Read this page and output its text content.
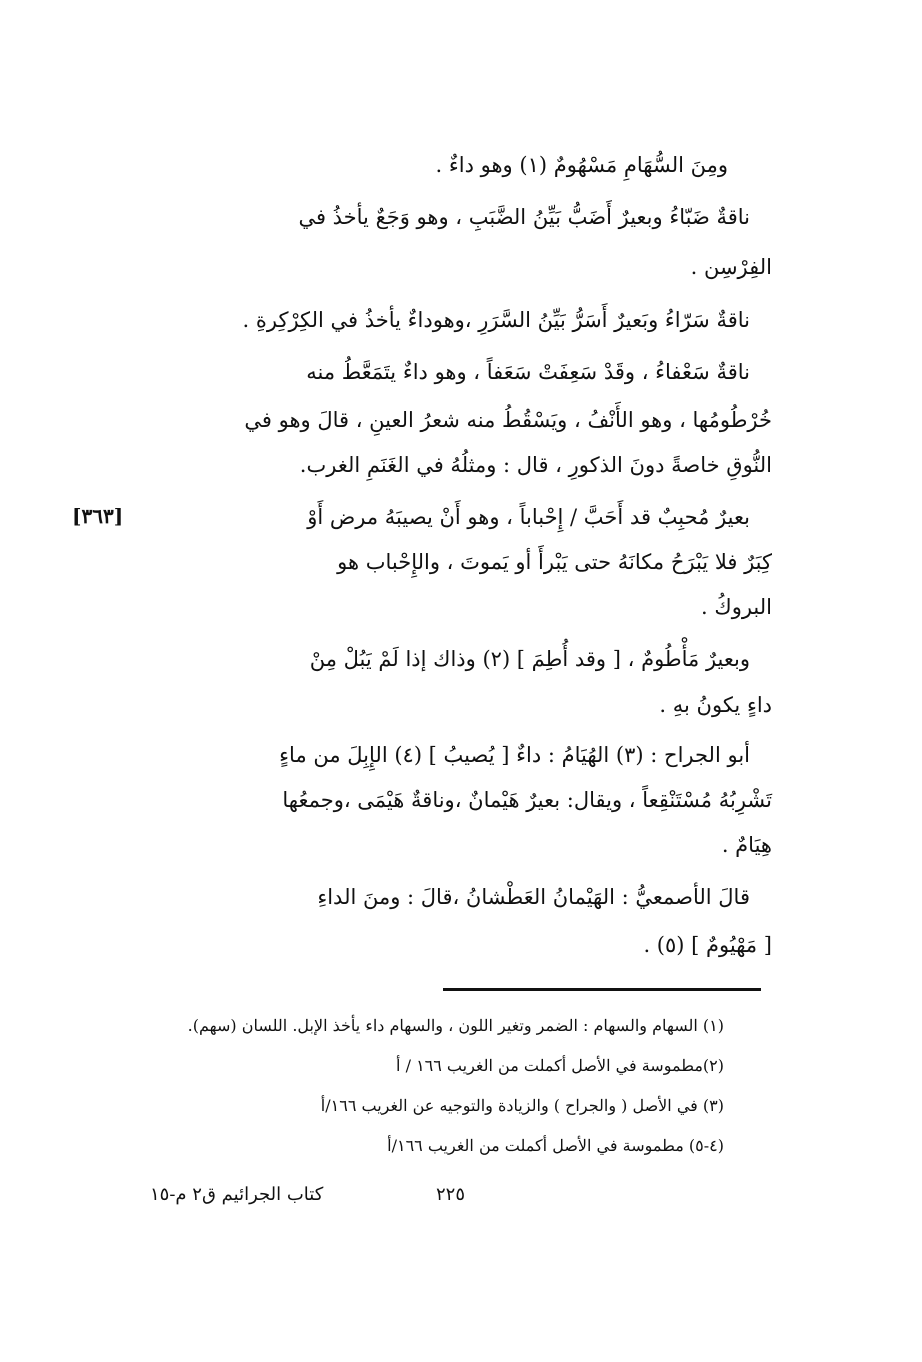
ومِنَ السُّهَامِ مَسْهُومٌ (١) وهو داءٌ .
ناقةٌ ضَبّاءُ وبعيرٌ أَضَبُّ بَيِّنُ الضَّبَبِ ، وهو وَجَعٌ يأخذُ في
الفِرْسِن .
ناقةٌ سَرّاءُ وبَعيرٌ أَسَرُّ بَيِّنُ السَّرَرِ ،وهوداءٌ يأخذُ في الكِرْكِرةِ .
ناقةٌ سَعْفاءُ ، وقَدْ سَعِفَتْ سَعَفاً ، وهو داءٌ يتَمَعَّطُ منه
خُرْطُومُها ، وهو الأَنْفُ ، ويَسْقُطُ منه شعرُ العينِ ، قالَ وهو في
النُّوقِ خاصةً دونَ الذكورِ ، قال : ومثلُهُ في الغَنَمِ الغرب.
[٣٦٣]	بعيرٌ مُحبِبٌ قد أَحَبَّ / إِحْباباً ، وهو أَنْ يصيبَهُ مرض أَوْ
كِبَرٌ فلا يَبْرَحُ مكانَهُ حتى يَبْرأَ أو يَموتَ ، والإِحْباب هو
البروكُ .
وبعيرٌ مَأْطُومٌ ، [ وقد أُطِمَ ] (٢) وذاك إذا لَمْ يَبُلْ مِنْ
داءٍ يكونُ بهِ .
أبو الجراح : (٣) الهُيَامُ : داءٌ [ يُصيبُ ] (٤) الإِبِلَ من ماءٍ
تَشْرِبُهُ مُسْتَنْقِعاً ، ويقال: بعيرٌ هَيْمانٌ ،وناقةٌ هَيْمَى ،وجمعُها
هِيَامٌ .
قالَ الأصمعيُّ : الهَيْمانُ العَطْشانُ ،قالَ : ومنَ الداءِ
[ مَهْيُومٌ ] (٥) .
(١) السهام والسهام : الضمر وتغير اللون ، والسهام داء يأخذ الإبل. اللسان (سهم).
(٢)مطموسة في الأصل أكملت من الغريب ١٦٦ / أ
(٣) في الأصل ( والجراح ) والزيادة والتوجيه عن الغريب ١٦٦/أ
(٤-٥) مطموسة في الأصل أكملت من الغريب ١٦٦/أ
كتاب الجرائيم ق٢ م-١٥	٢٢٥
